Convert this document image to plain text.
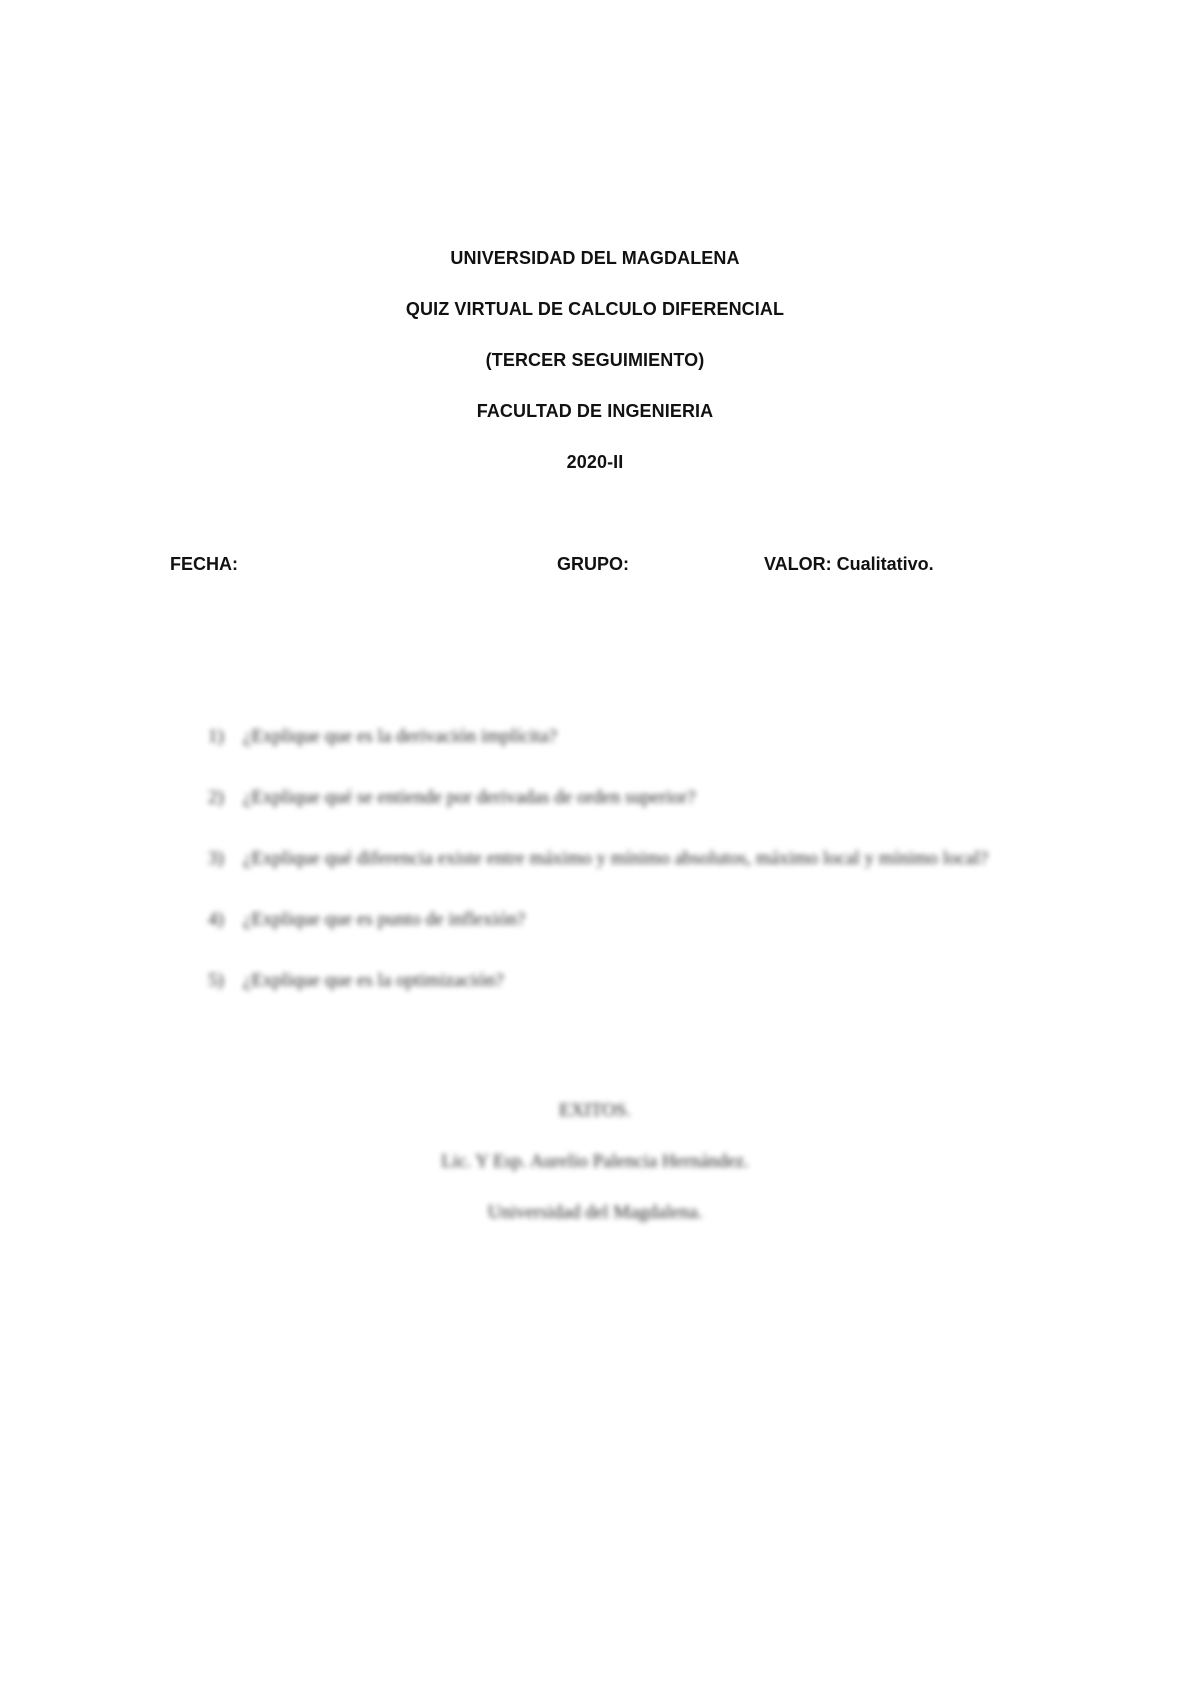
UNIVERSIDAD DEL MAGDALENA
QUIZ VIRTUAL DE CALCULO DIFERENCIAL
(TERCER SEGUIMIENTO)
FACULTAD DE INGENIERIA
2020-II
FECHA:	GRUPO:	VALOR: Cualitativo.
1)	¿Explique que es la derivación implícita?
2)	¿Explique qué se entiende por derivadas de orden superior?
3)	¿Explique qué diferencia existe entre máximo y mínimo absolutos, máximo local y mínimo local?
4)	¿Explique que es punto de inflexión?
5)	¿Explique que es la optimización?
EXITOS.
Lic. Y Esp. Aurelio Palencia Hernández.
Universidad del Magdalena.
